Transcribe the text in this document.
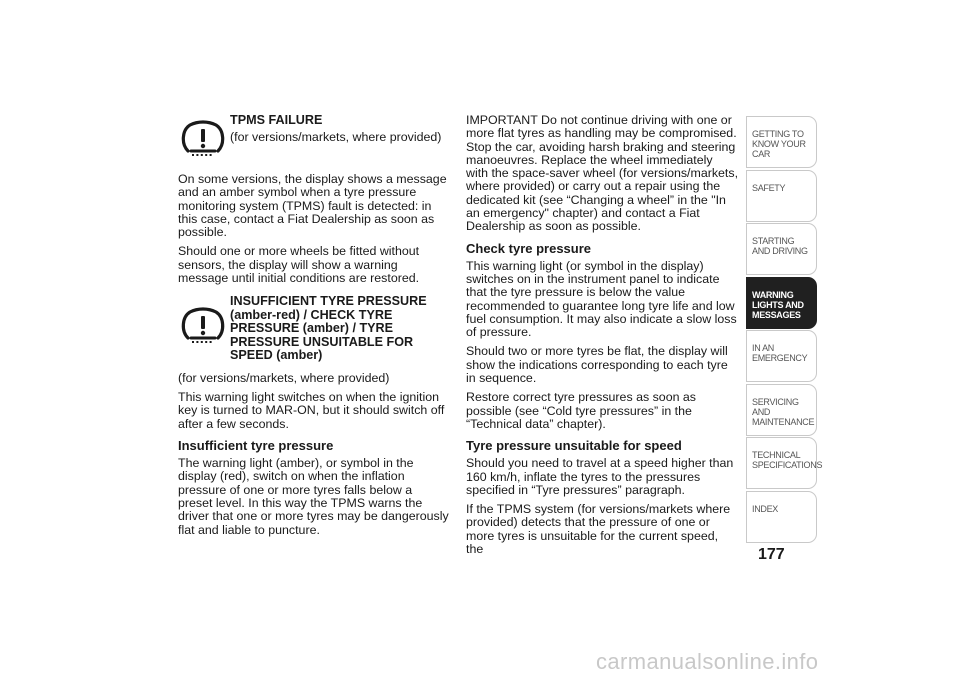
TPMS FAILURE

(for versions/markets, where provided)

On some versions, the display shows a message and an amber symbol when a tyre pressure monitoring system (TPMS) fault is detected: in this case, contact a Fiat Dealership as soon as possible.

Should one or more wheels be fitted without sensors, the display will show a warning message until initial conditions are restored.

INSUFFICIENT TYRE PRESSURE (amber-red) / CHECK TYRE PRESSURE (amber) / TYRE PRESSURE UNSUITABLE FOR SPEED (amber)

(for versions/markets, where provided)

This warning light switches on when the ignition key is turned to MAR-ON, but it should switch off after a few seconds.

Insufficient tyre pressure

The warning light (amber), or symbol in the display (red), switch on when the inflation pressure of one or more tyres falls below a preset level. In this way the TPMS warns the driver that one or more tyres may be dangerously flat and liable to puncture.

IMPORTANT Do not continue driving with one or more flat tyres as handling may be compromised. Stop the car, avoiding harsh braking and steering manoeuvres. Replace the wheel immediately with the space-saver wheel (for versions/markets, where provided) or carry out a repair using the dedicated kit (see “Changing a wheel” in the "In an emergency" chapter) and contact a Fiat Dealership as soon as possible.

Check tyre pressure

This warning light (or symbol in the display) switches on in the instrument panel to indicate that the tyre pressure is below the value recommended to guarantee long tyre life and low fuel consumption. It may also indicate a slow loss of pressure.

Should two or more tyres be flat, the display will show the indications corresponding to each tyre in sequence.

Restore correct tyre pressures as soon as possible (see “Cold tyre pressures” in the “Technical data” chapter).

Tyre pressure unsuitable for speed

Should you need to travel at a speed higher than 160 km/h, inflate the tyres to the pressures specified in “Tyre pressures” paragraph.

If the TPMS system (for versions/markets where provided) detects that the pressure of one or more tyres is unsuitable for the current speed, the

GETTING TO KNOW YOUR CAR
SAFETY
STARTING AND DRIVING
WARNING LIGHTS AND MESSAGES
IN AN EMERGENCY
SERVICING AND MAINTENANCE
TECHNICAL SPECIFICATIONS
INDEX
177
carmanualsonline.info
